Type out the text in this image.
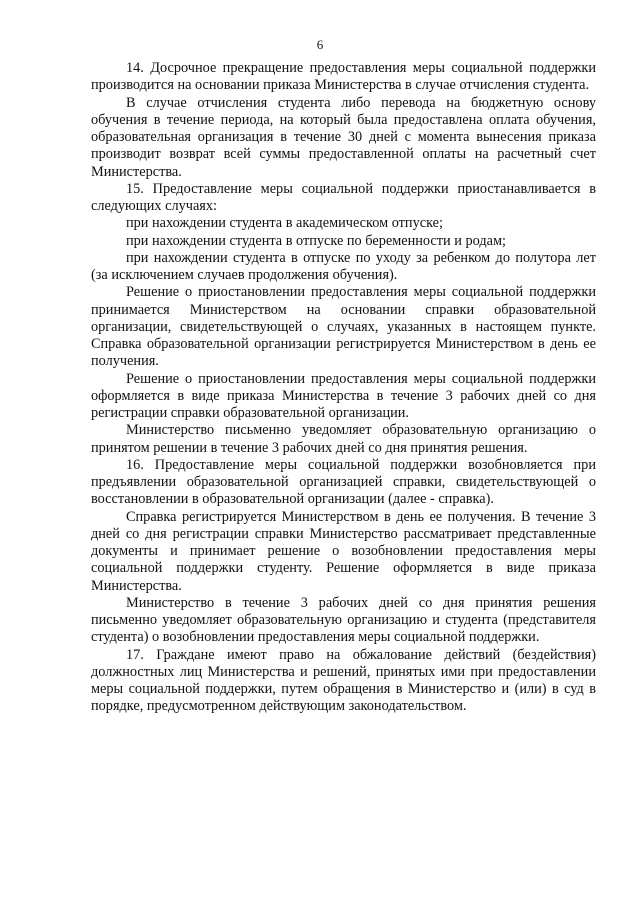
6

14. Досрочное прекращение предоставления меры социальной поддержки производится на основании приказа Министерства в случае отчисления студента.

В случае отчисления студента либо перевода на бюджетную основу обучения в течение периода, на который была предоставлена оплата обучения, образовательная организация в течение 30 дней с момента вынесения приказа производит возврат всей суммы предоставленной оплаты на расчетный счет Министерства.

15. Предоставление меры социальной поддержки приостанавливается в следующих случаях:

при нахождении студента в академическом отпуске;

при нахождении студента в отпуске по беременности и родам;

при нахождении студента в отпуске по уходу за ребенком до полутора лет (за исключением случаев продолжения обучения).

Решение о приостановлении предоставления меры социальной поддержки принимается Министерством на основании справки образовательной организации, свидетельствующей о случаях, указанных в настоящем пункте. Справка образовательной организации регистрируется Министерством в день ее получения.

Решение о приостановлении предоставления меры социальной поддержки оформляется в виде приказа Министерства в течение 3 рабочих дней со дня регистрации справки образовательной организации.

Министерство письменно уведомляет образовательную организацию о принятом решении в течение 3 рабочих дней со дня принятия решения.

16. Предоставление меры социальной поддержки возобновляется при предъявлении образовательной организацией справки, свидетельствующей о восстановлении в образовательной организации (далее - справка).

Справка регистрируется Министерством в день ее получения. В течение 3 дней со дня регистрации справки Министерство рассматривает представленные документы и принимает решение о возобновлении предоставления меры социальной поддержки студенту. Решение оформляется в виде приказа Министерства.

Министерство в течение 3 рабочих дней со дня принятия решения письменно уведомляет образовательную организацию и студента (представителя студента) о возобновлении предоставления меры социальной поддержки.

17. Граждане имеют право на обжалование действий (бездействия) должностных лиц Министерства и решений, принятых ими при предоставлении меры социальной поддержки, путем обращения в Министерство и (или) в суд в порядке, предусмотренном действующим законодательством.
